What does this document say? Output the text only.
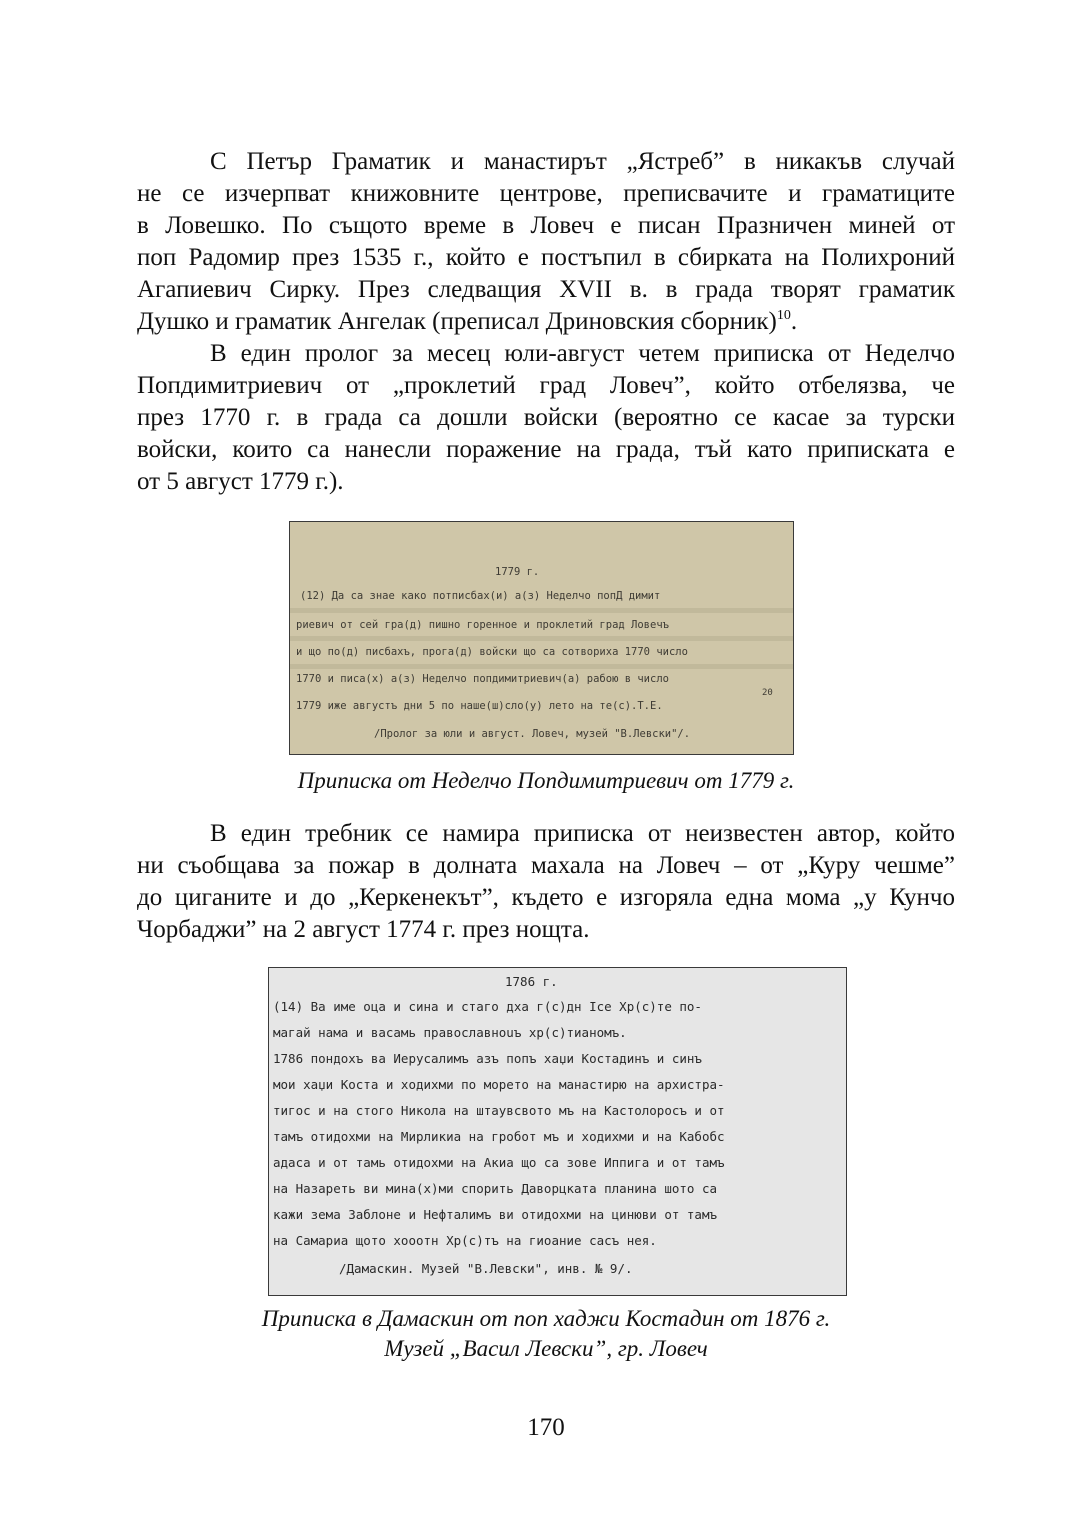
С Петър Граматик и манастирът „Ястреб” в никакъв случай
не се изчерпват книжовните центрове, преписвачите и граматиците
в Ловешко. По същото време в Ловеч е писан Празничен миней от
поп Радомир през 1535 г., който е постъпил в сбирката на Полихроний
Агапиевич Сирку. През следващия XVII в. в града творят граматик
Душко и граматик Ангелак (преписал Дриновския сборник)$^{10}$.
В един пролог за месец юли-август четем приписка от Неделчо
Попдимитриевич от „проклетий град Ловеч”, който отбелязва, че
през 1770 г. в града са дошли войски (вероятно се касае за турски
войски, които са нанесли поражение на града, тъй като приписката е
от 5 август 1779 г.).
1779 г.
(12) Да са знае како потписбах(и) а(з) Неделчо попД димит
риевич от сей гра(д) пишно горенное и проклетий град Ловечъ
и що по(д) писбахъ, прога(д) войски що са сотвориха 1770 число
1770 и писа(х) а(з) Неделчо попдимитриевич(а) рабою в число
1779 иже августъ дни 5 по наше(ш)сло(у) лето на те(с).Т.Е.
20
/Пролог за юли и август. Ловеч, музей "В.Левски"/.
Приписка от Неделчо Попдимитриевич от 1779 г.
В един требник се намира приписка от неизвестен автор, който
ни съобщава за пожар в долната махала на Ловеч – от „Куру чешме”
до циганите и до „Керкенекът”, където е изгоряла една мома „у Кунчо
Чорбаджи” на 2 август 1774 г. през нощта.
1786 г.
(14) Ва име оца и сина и стаго дха г(с)дн Ісе Хр(с)те по-
магай нама и васамь православноuъ хр(с)тианомъ.
1786 пондохъ ва Иерусалимъ азъ попъ хаџи Костадинъ и синъ
мои хаџи Коста и ходихми по морето на манастирю на архистра-
тигос и на стого Никола на штаувсвото мъ на Кастолоросъ и от
тамъ отидохми на Мирликиа на гробот мъ и ходихми и на Кабобс
адаса и от тамь отидохми на Акиа що са зове Иппига и от тамъ
на Назареть ви мина(х)ми спорить Даворцката планина шото са
кажи зема Заблоне и Нефталимъ ви отидохми на цинюви от тамъ
на Самариа щото хооотн Хр(с)тъ на гиоание сасъ нея.
/Дамаскин. Музей "В.Левски", инв. № 9/.
Приписка в Дамаскин от поп хаджи Костадин от 1876 г.
Музей „Васил Левски”, гр. Ловеч
170
